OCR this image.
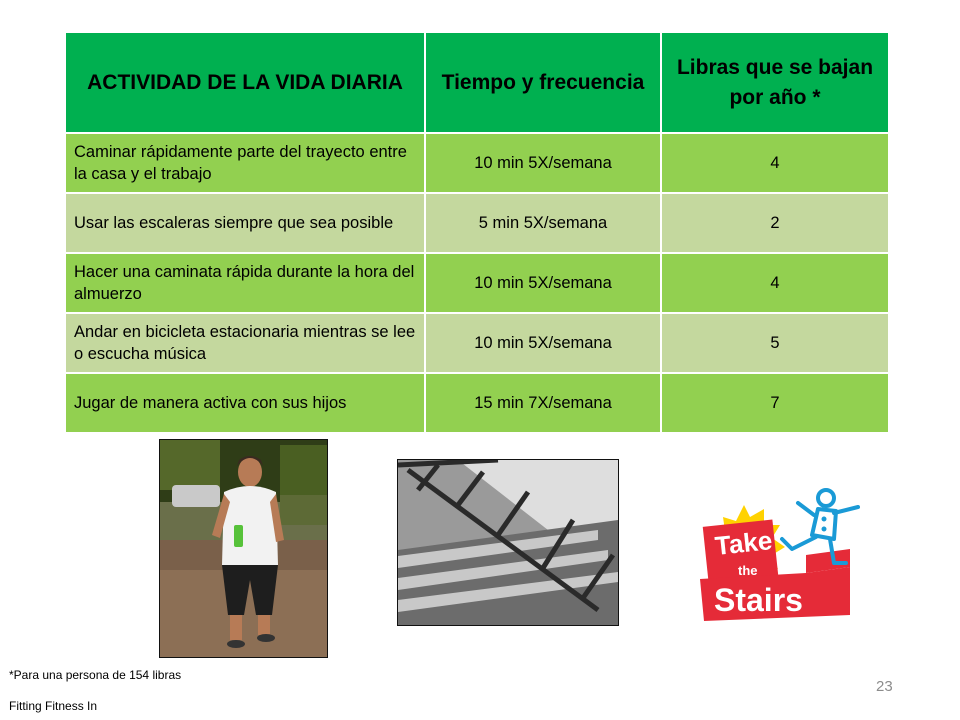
ACTIVIDAD DE LA VIDA DIARIA	Tiempo y frecuencia	Libras que se bajan por año *
Caminar rápidamente parte del trayecto entre la casa y el trabajo	10 min 5X/semana	4
Usar las escaleras siempre que sea posible	5 min 5X/semana	2
Hacer una caminata rápida durante la hora del almuerzo	10 min 5X/semana	4
Andar en bicicleta estacionaria mientras se lee o escucha música	10 min 5X/semana	5
Jugar de manera activa con sus hijos	15 min 7X/semana	7
Take
the
Stairs
*Para una persona de 154 libras
Fitting Fitness In
23
